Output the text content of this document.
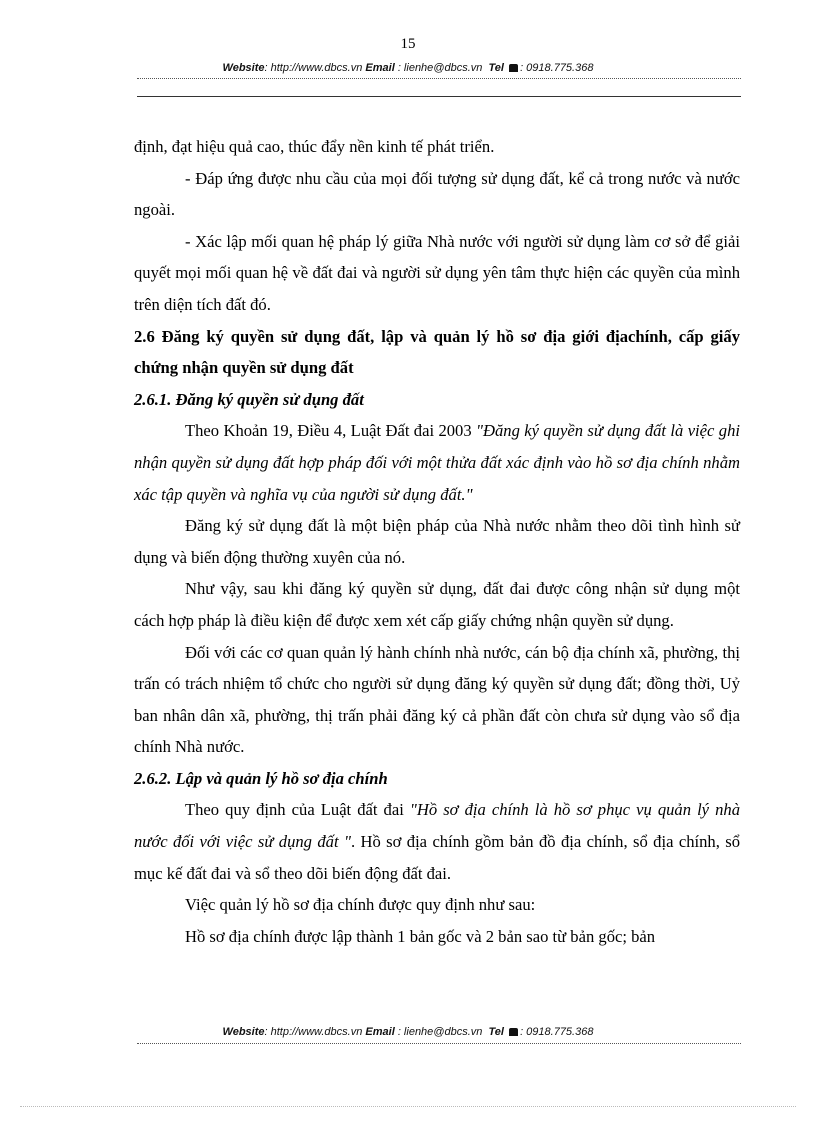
15
Website: http://www.dbcs.vn Email : lienhe@dbcs.vn Tel : 0918.775.368

định, đạt hiệu quả cao, thúc đẩy nền kinh tế phát triển.

- Đáp ứng được nhu cầu của mọi đối tượng sử dụng đất, kể cả trong nước và nước ngoài.

- Xác lập mối quan hệ pháp lý giữa Nhà nước với người sử dụng làm cơ sở để giải quyết mọi mối quan hệ về đất đai và người sử dụng yên tâm thực hiện các quyền của mình trên diện tích đất đó.

2.6 Đăng ký quyền sử dụng đất, lập và quản lý hồ sơ địa giới địachính, cấp giấy chứng nhận quyền sử dụng đất

2.6.1. Đăng ký quyền sử dụng đất

Theo Khoản 19, Điều 4, Luật Đất đai 2003 "Đăng ký quyền sử dụng đất là việc ghi nhận quyền sử dụng đất hợp pháp đối với một thửa đất xác định vào hồ sơ địa chính nhằm xác tập quyền và nghĩa vụ của người sử dụng đất."

Đăng ký sử dụng đất là một biện pháp của Nhà nước nhằm theo dõi tình hình sử dụng và biến động thường xuyên của nó.

Như vậy, sau khi đăng ký quyền sử dụng, đất đai được công nhận sử dụng một cách hợp pháp là điều kiện để được xem xét cấp giấy chứng nhận quyền sử dụng.

Đối với các cơ quan quản lý hành chính nhà nước, cán bộ địa chính xã, phường, thị trấn có trách nhiệm tổ chức cho người sử dụng đăng ký quyền sử dụng đất; đồng thời, Uỷ ban nhân dân xã, phường, thị trấn phải đăng ký cả phần đất còn chưa sử dụng vào sổ địa chính Nhà nước.

2.6.2. Lập và quản lý hồ sơ địa chính

Theo quy định của Luật đất đai "Hồ sơ địa chính là hồ sơ phục vụ quản lý nhà nước đối với việc sử dụng đất ". Hồ sơ địa chính gồm bản đồ địa chính, sổ địa chính, sổ mục kế đất đai và sổ theo dõi biến động đất đai.

Việc quản lý hồ sơ địa chính được quy định như sau:

Hồ sơ địa chính được lập thành 1 bản gốc và 2 bản sao từ bản gốc; bản

Website: http://www.dbcs.vn Email : lienhe@dbcs.vn Tel : 0918.775.368
